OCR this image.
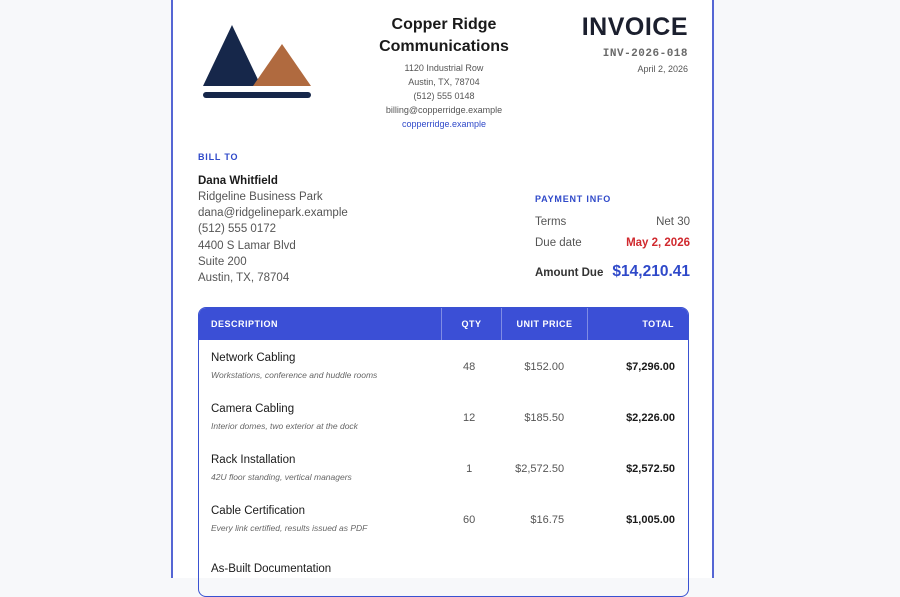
Copper Ridge Communications
1120 Industrial Row
Austin, TX, 78704
(512) 555 0148
billing@copperridge.example
copperridge.example
INVOICE
INV-2026-018
April 2, 2026
BILL TO
Dana Whitfield
Ridgeline Business Park
dana@ridgelinepark.example
(512) 555 0172
4400 S Lamar Blvd
Suite 200
Austin, TX, 78704
PAYMENT INFO
Terms	Net 30
Due date	May 2, 2026
Amount Due $14,210.41
DESCRIPTION	QTY	UNIT PRICE	TOTAL
Network Cabling
Workstations, conference and huddle rooms
48	$152.00	$7,296.00
Camera Cabling
Interior domes, two exterior at the dock
12	$185.50	$2,226.00
Rack Installation
42U floor standing, vertical managers
1	$2,572.50	$2,572.50
Cable Certification
Every link certified, results issued as PDF
60	$16.75	$1,005.00
As-Built Documentation
